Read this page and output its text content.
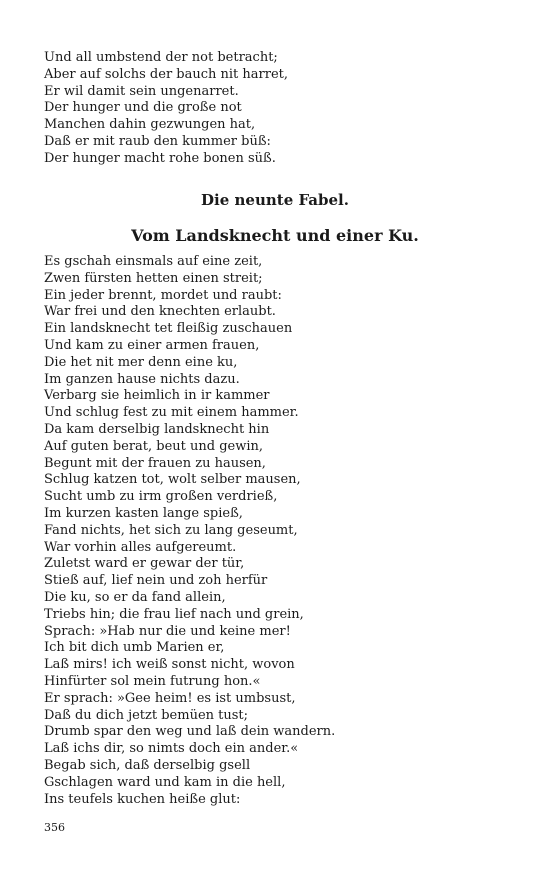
Und all umbstend der not betracht;
Aber auf solchs der bauch nit harret,
Er wil damit sein ungenarret.
Der hunger und die große not
Manchen dahin gezwungen hat,
Daß er mit raub den kummer büß:
Der hunger macht rohe bonen süß.
Die neunte Fabel.
Vom Landsknecht und einer Ku.
Es gschah einsmals auf eine zeit,
Zwen fürsten hetten einen streit;
Ein jeder brennt, mordet und raubt:
War frei und den knechten erlaubt.
Ein landsknecht tet fleißig zuschauen
Und kam zu einer armen frauen,
Die het nit mer denn eine ku,
Im ganzen hause nichts dazu.
Verbarg sie heimlich in ir kammer
Und schlug fest zu mit einem hammer.
Da kam derselbig landsknecht hin
Auf guten berat, beut und gewin,
Begunt mit der frauen zu hausen,
Schlug katzen tot, wolt selber mausen,
Sucht umb zu irm großen verdrieß,
Im kurzen kasten lange spieß,
Fand nichts, het sich zu lang geseumt,
War vorhin alles aufgereumt.
Zuletst ward er gewar der tür,
Stieß auf, lief nein und zoh herfür
Die ku, so er da fand allein,
Triebs hin; die frau lief nach und grein,
Sprach: »Hab nur die und keine mer!
Ich bit dich umb Marien er,
Laß mirs! ich weiß sonst nicht, wovon
Hinfürter sol mein futrung hon.«
Er sprach: »Gee heim! es ist umbsust,
Daß du dich jetzt bemüen tust;
Drumb spar den weg und laß dein wandern.
Laß ichs dir, so nimts doch ein ander.«
Begab sich, daß derselbig gsell
Gschlagen ward und kam in die hell,
Ins teufels kuchen heiße glut:
356
